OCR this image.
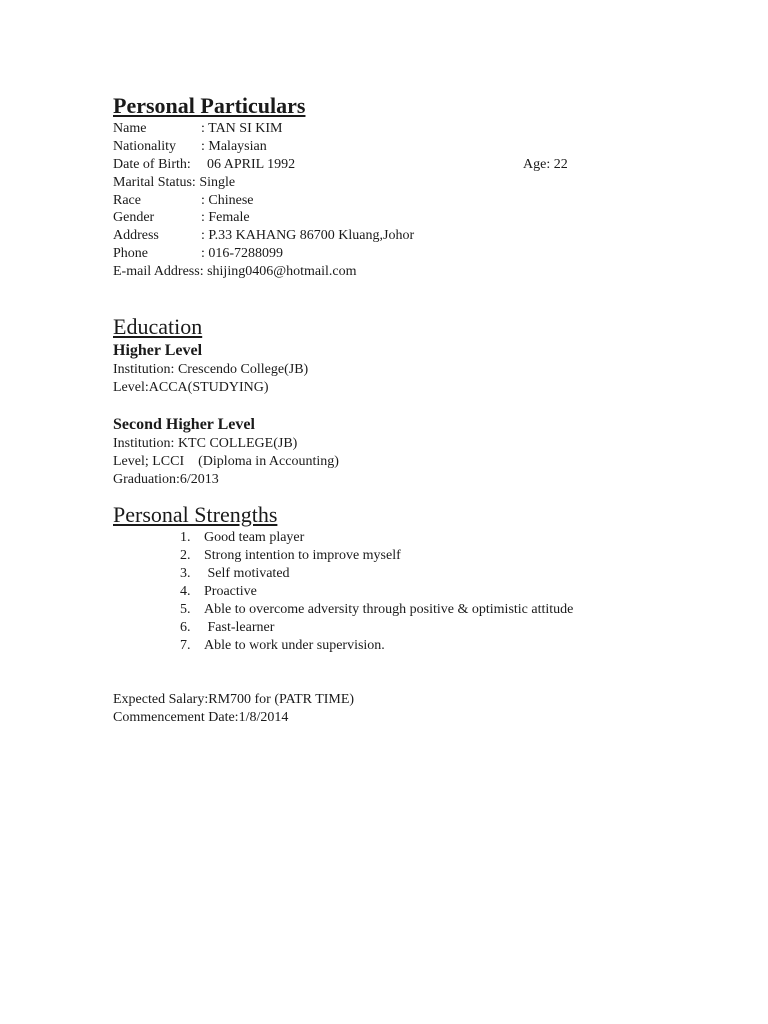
Personal Particulars
Name	: TAN SI KIM
Nationality : Malaysian
Date of Birth: 06 APRIL 1992	Age: 22
Marital Status: Single
Race	: Chinese
Gender	: Female
Address	: P.33 KAHANG 86700 Kluang,Johor
Phone	: 016-7288099
E-mail Address: shijing0406@hotmail.com
Education
Higher Level
Institution: Crescendo College(JB)
Level:ACCA(STUDYING)
Second Higher Level
Institution: KTC COLLEGE(JB)
Level; LCCI    (Diploma in Accounting)
Graduation:6/2013
Personal Strengths
1. Good team player
2. Strong intention to improve myself
3. Self motivated
4. Proactive
5. Able to overcome adversity through positive & optimistic attitude
6. Fast-learner
7. Able to work under supervision.
Expected Salary:RM700 for (PATR TIME)
Commencement Date:1/8/2014
